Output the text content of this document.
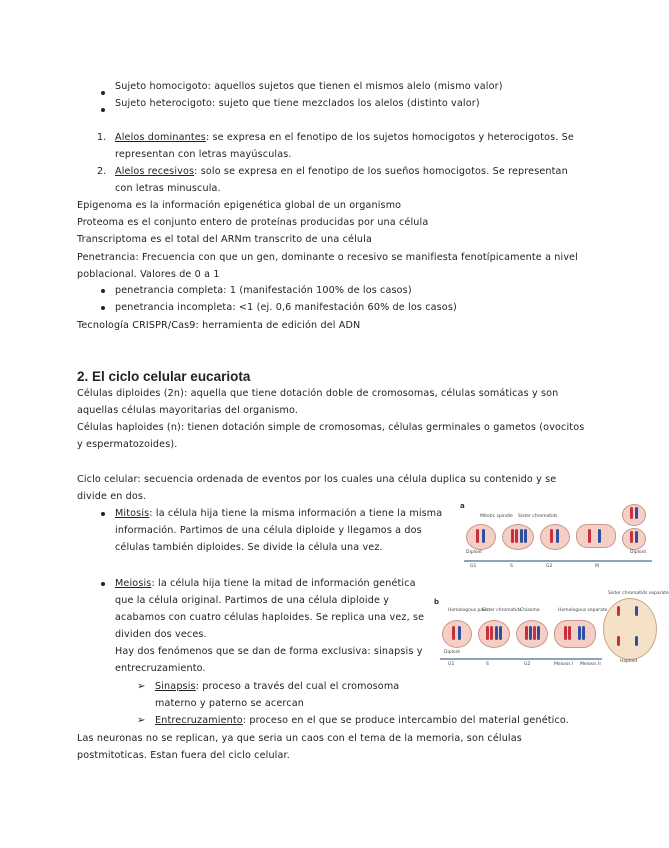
Sujeto homocigoto: aquellos sujetos que tienen el mismos alelo (mismo valor)
Sujeto heterocigoto: sujeto que tiene mezclados los alelos (distinto valor)
1. Alelos dominantes: se expresa en el fenotipo de los sujetos homocigotos y heterocigotos. Se
representan con letras mayúsculas.
2. Alelos recesivos: solo se expresa en el fenotipo de los sueños homocigotos. Se representan
con letras minuscula.
Epigenoma es la información epigenética global de un organismo
Proteoma es el conjunto entero de proteínas producidas por una célula
Transcriptoma es el total del ARNm transcrito de una célula
Penetrancia: Frecuencia con que un gen, dominante o recesivo se manifiesta fenotípicamente a nivel
poblacional. Valores de 0 a 1
penetrancia completa: 1 (manifestación 100% de los casos)
penetrancia incompleta: <1 (ej. 0,6 manifestación 60% de los casos)
Tecnología CRISPR/Cas9: herramienta de edición del ADN
2. El ciclo celular eucariota
Células diploides (2n): aquella que tiene dotación doble de cromosomas, células somáticas y son
aquellas células mayoritarias del organismo.
Células haploides (n): tienen dotación simple de cromosomas, células germinales o gametos (ovocitos
y espermatozoides).
Ciclo celular: secuencia ordenada de eventos por los cuales una célula duplica su contenido y se
divide en dos.
Mitosis: la célula hija tiene la misma información a tiene la misma
información. Partimos de una célula diploide y llegamos a dos
células también diploides. Se divide la célula una vez.
Meiosis: la célula hija tiene la mitad de información genética
que la célula original. Partimos de una célula diploide y
acabamos con cuatro células haploides. Se replica una vez, se
dividen dos veces.
Hay dos fenómenos que se dan de forma exclusiva: sinapsis y
entrecruzamiento.
➢ Sinapsis: proceso a través del cual el cromosoma
materno y paterno se acercan
➢ Entrecruzamiento: proceso en el que se produce intercambio del material genético.
Las neuronas no se replican, ya que seria un caos con el tema de la memoria, son células
postmitoticas. Estan fuera del ciclo celular.
a
Mitotic spindle Sister chromatids
Diploid	Diploid
G1	S	G2	M
b
Homologous pairs
Sister chromatids
Chiasma	Homologous separate
Sister chromatids separate
Diploid
Haploid
G1	S	G2	Meiosis I Meiosis II
